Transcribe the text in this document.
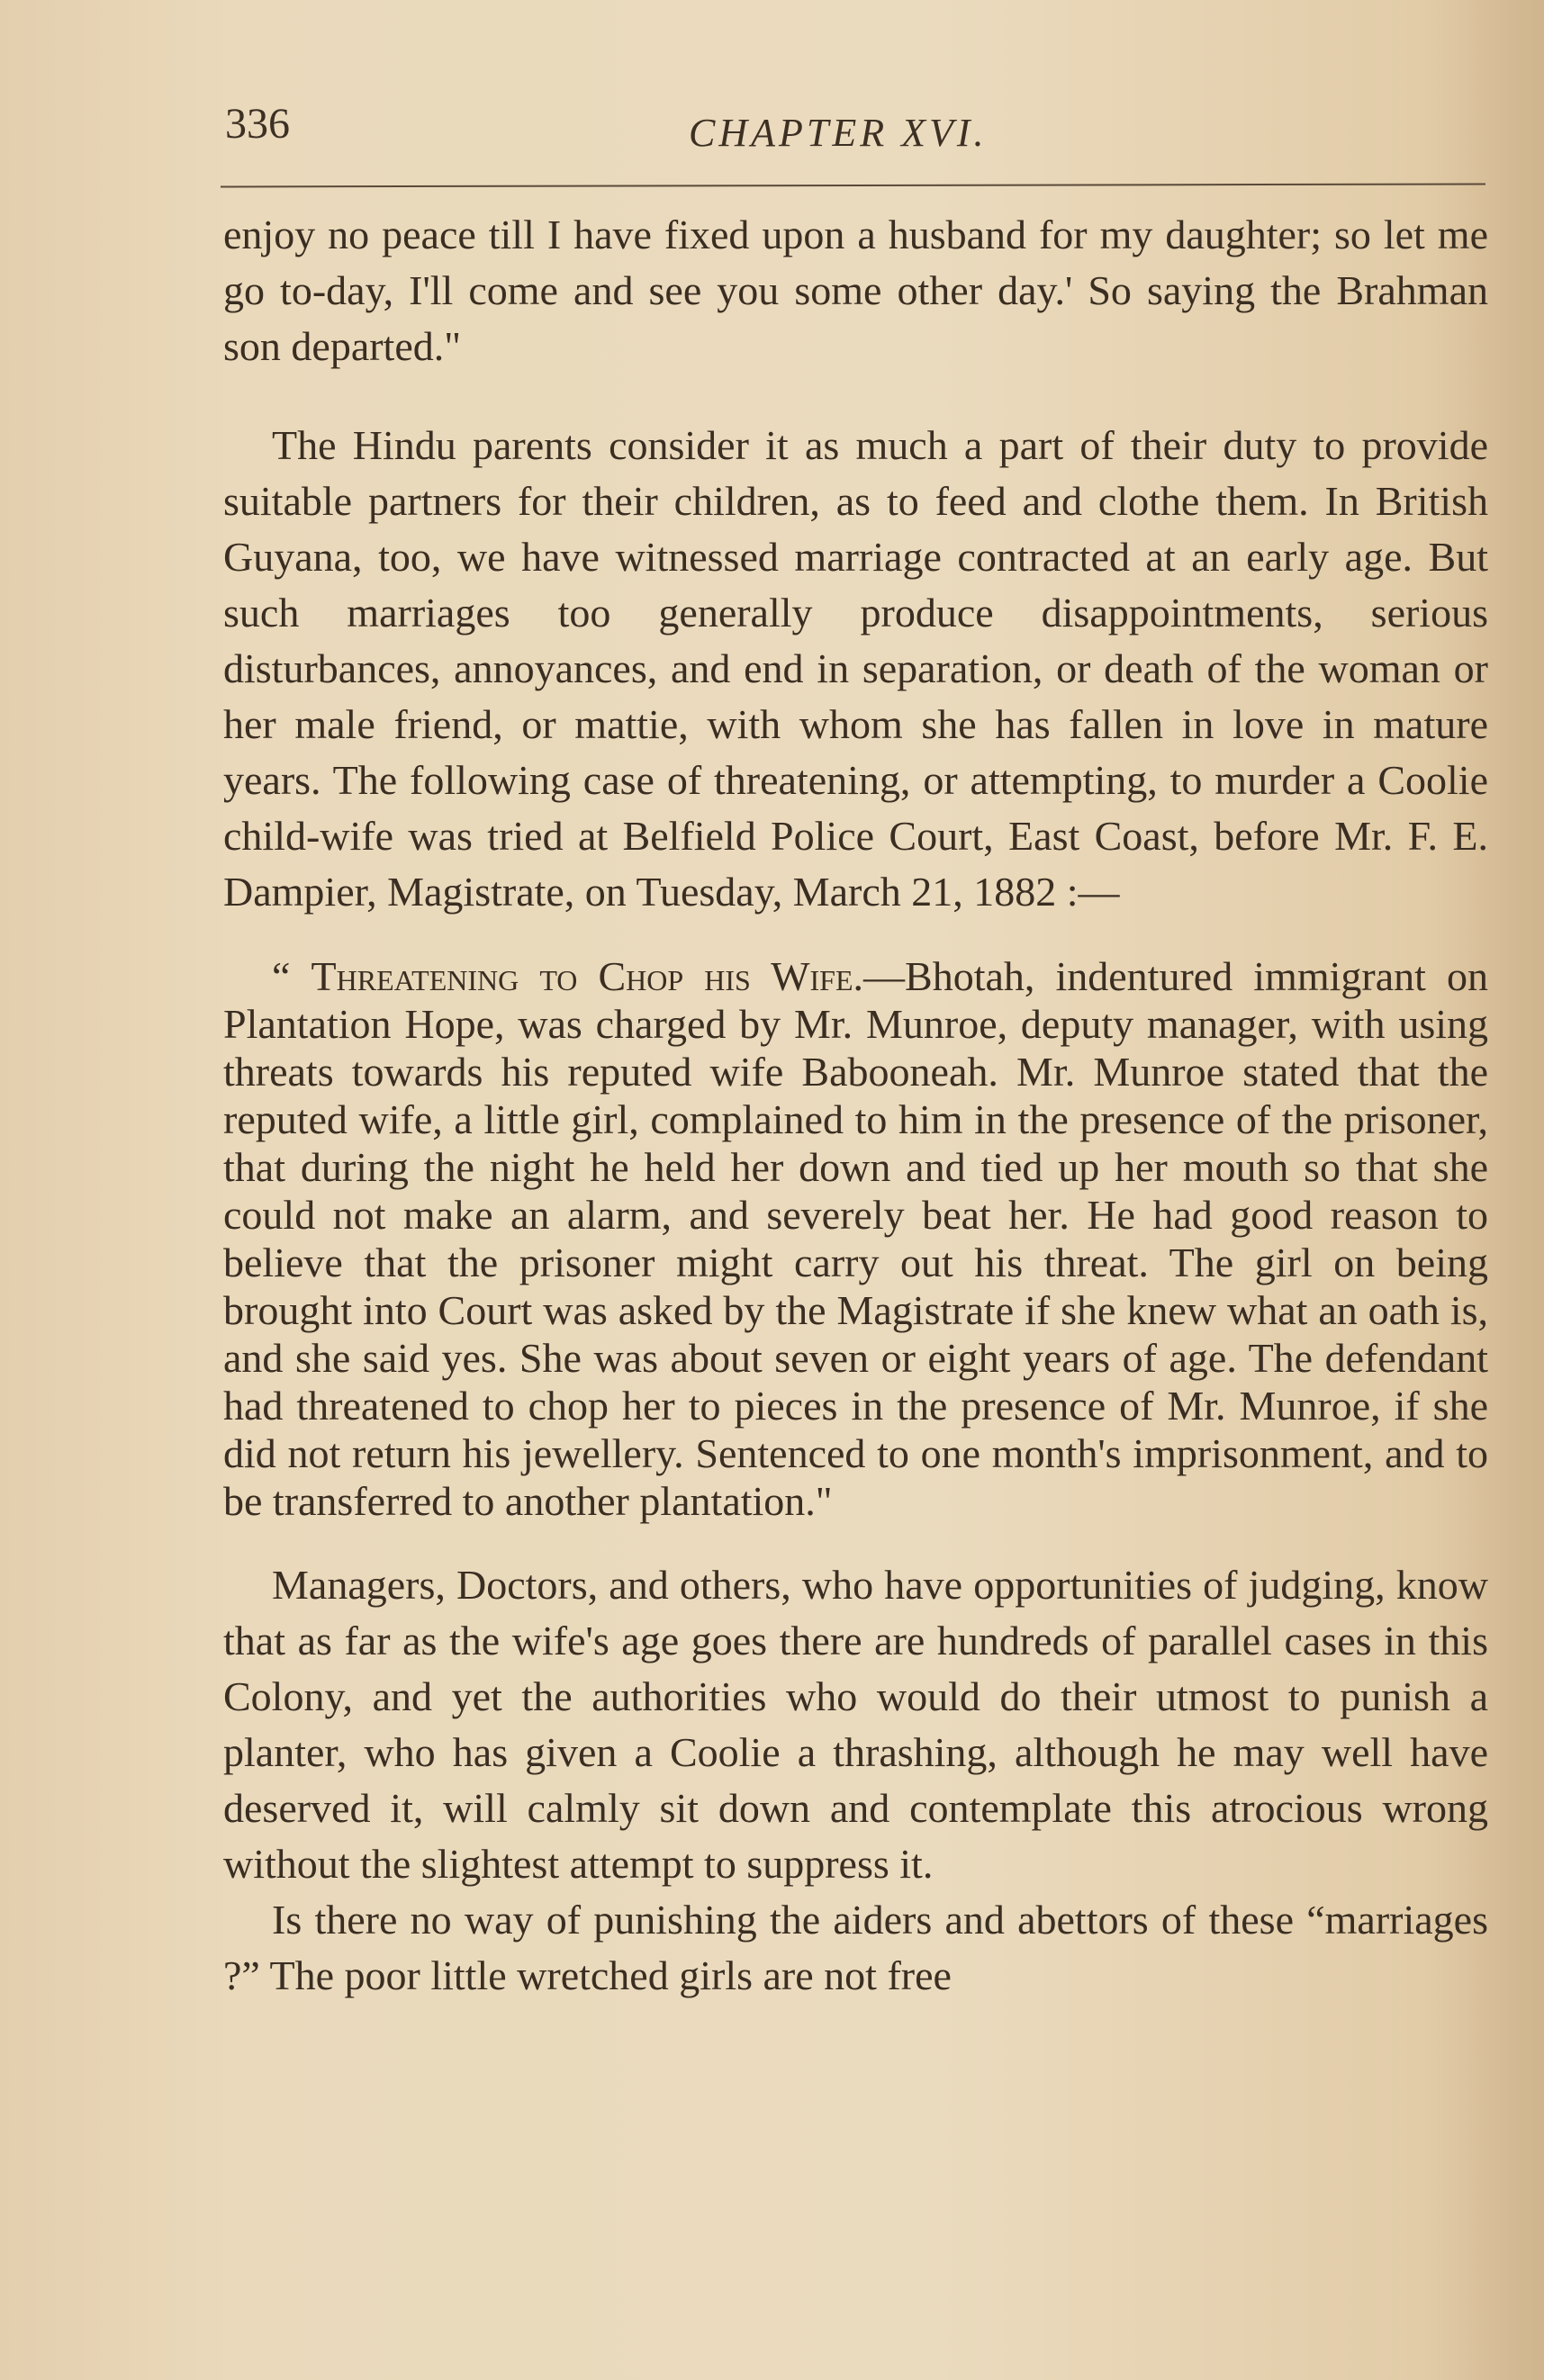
336	CHAPTER XVI.

enjoy no peace till I have fixed upon a husband for my daughter; so let me go to-day, I'll come and see you some other day.' So saying the Brahman son departed."

The Hindu parents consider it as much a part of their duty to provide suitable partners for their children, as to feed and clothe them. In British Guyana, too, we have witnessed marriage contracted at an early age. But such marriages too generally produce disappointments, serious disturbances, annoyances, and end in separation, or death of the woman or her male friend, or mattie, with whom she has fallen in love in mature years. The following case of threatening, or attempting, to murder a Coolie child-wife was tried at Belfield Police Court, East Coast, before Mr. F. E. Dampier, Magistrate, on Tuesday, March 21, 1882 :—

“ Threatening to Chop his Wife.—Bhotah, indentured immigrant on Plantation Hope, was charged by Mr. Munroe, deputy manager, with using threats towards his reputed wife Babooneah. Mr. Munroe stated that the reputed wife, a little girl, complained to him in the presence of the prisoner, that during the night he held her down and tied up her mouth so that she could not make an alarm, and severely beat her. He had good reason to believe that the prisoner might carry out his threat. The girl on being brought into Court was asked by the Magistrate if she knew what an oath is, and she said yes. She was about seven or eight years of age. The defendant had threatened to chop her to pieces in the presence of Mr. Munroe, if she did not return his jewellery. Sentenced to one month's imprisonment, and to be transferred to another plantation."

Managers, Doctors, and others, who have opportunities of judging, know that as far as the wife's age goes there are hundreds of parallel cases in this Colony, and yet the authorities who would do their utmost to punish a planter, who has given a Coolie a thrashing, although he may well have deserved it, will calmly sit down and contemplate this atrocious wrong without the slightest attempt to suppress it.

Is there no way of punishing the aiders and abettors of these “marriages ?” The poor little wretched girls are not free
